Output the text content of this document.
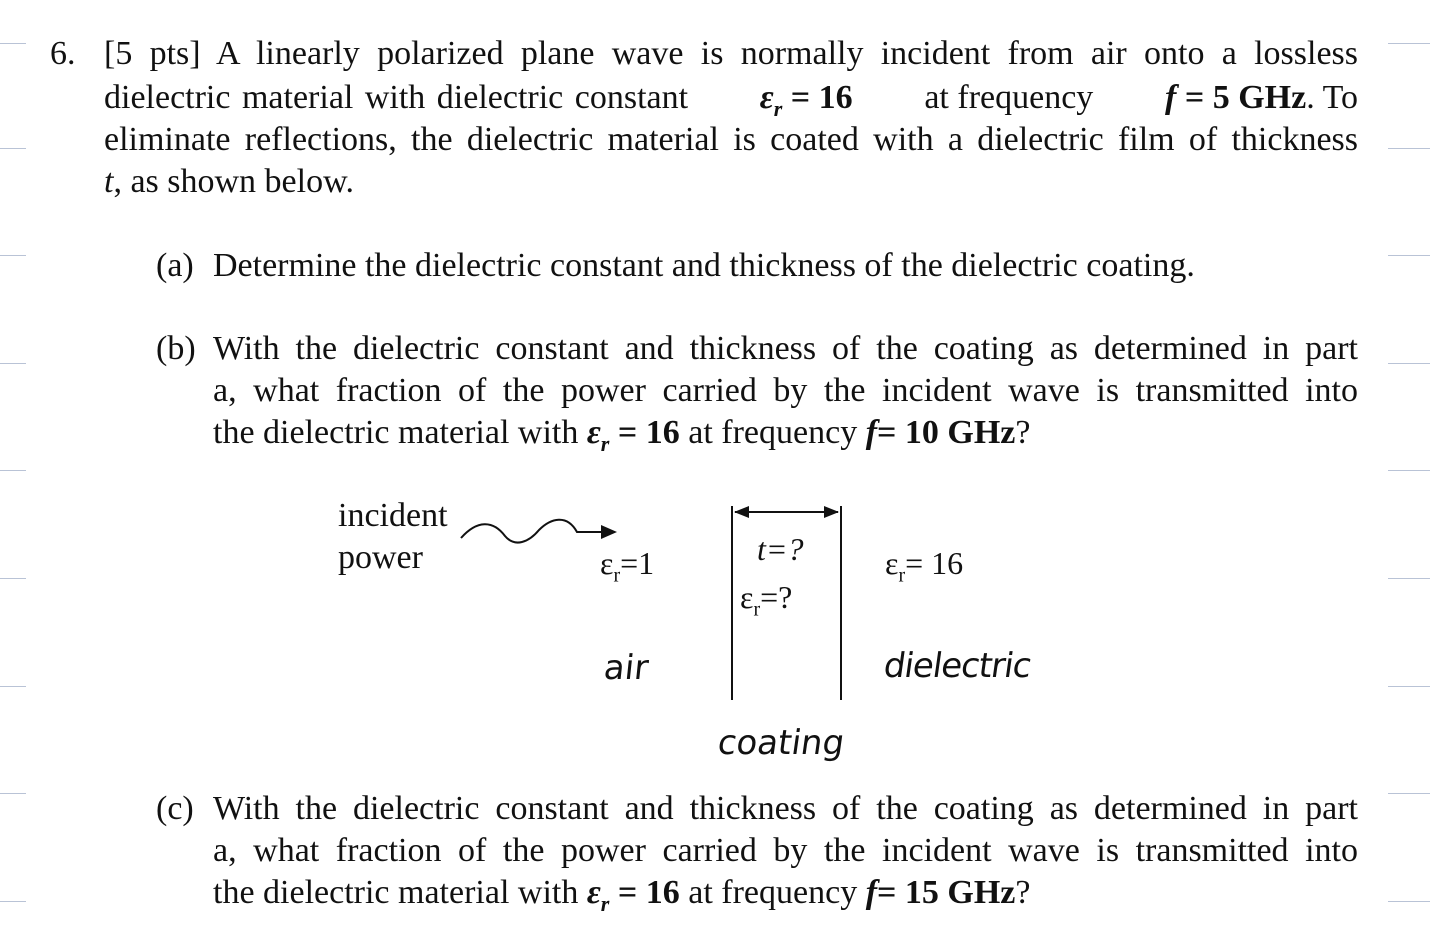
6. [5 pts] A linearly polarized plane wave is normally incident from air onto a lossless
dielectric material with dielectric constant $\varepsilon_r = 16$ at frequency f = 5 GHz. To
eliminate reflections, the dielectric material is coated with a dielectric film of thickness
t, as shown below.
(a) Determine the dielectric constant and thickness of the dielectric coating.
(b) With the dielectric constant and thickness of the coating as determined in part
a, what fraction of the power carried by the incident wave is transmitted into
the dielectric material with $\varepsilon_r = 16$ at frequency f= 10 GHz?
incident
power	$\varepsilon_r=1$	t=?
$\varepsilon_r=$?
$\varepsilon_r= 16$
air	dielectric
coating
(c) With the dielectric constant and thickness of the coating as determined in part
a, what fraction of the power carried by the incident wave is transmitted into
the dielectric material with $\varepsilon_r = 16$ at frequency f= 15 GHz?
